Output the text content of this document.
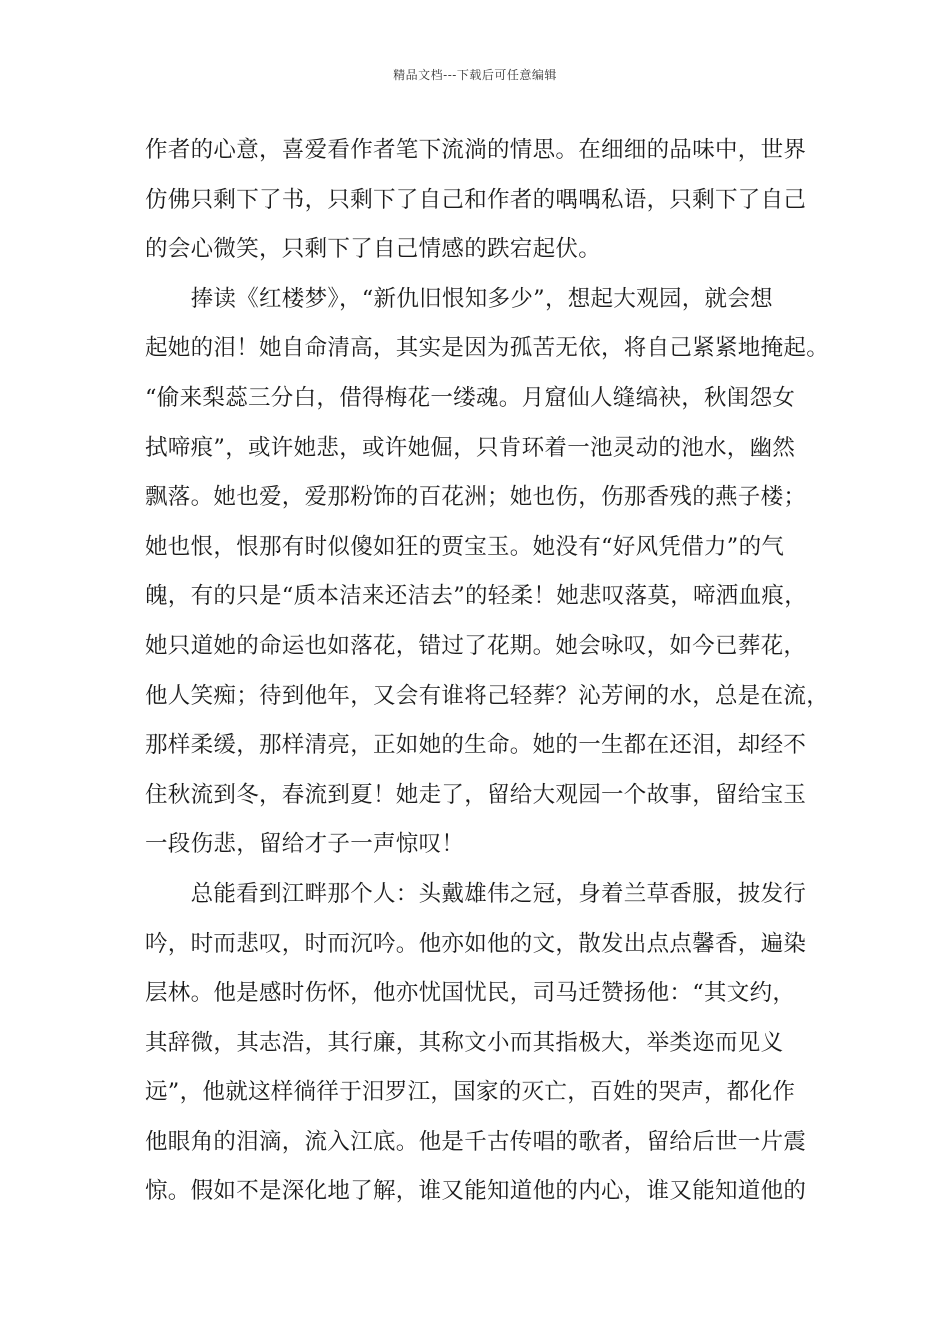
精品文档---下载后可任意编辑
作者的心意，喜爱看作者笔下流淌的情思。在细细的品味中，世界
仿佛只剩下了书，只剩下了自己和作者的喁喁私语，只剩下了自己
的会心微笑，只剩下了自己情感的跌宕起伏。
　　捧读《红楼梦》，“新仇旧恨知多少”，想起大观园，就会想
起她的泪！她自命清高，其实是因为孤苦无依，将自己紧紧地掩起。
“偷来梨蕊三分白，借得梅花一缕魂。月窟仙人缝缟袂，秋闺怨女
拭啼痕”，或许她悲，或许她倔，只肯环着一池灵动的池水，幽然
飘落。她也爱，爱那粉饰的百花洲；她也伤，伤那香残的燕子楼；
她也恨，恨那有时似傻如狂的贾宝玉。她没有“好风凭借力”的气
魄，有的只是“质本洁来还洁去”的轻柔！她悲叹落莫，啼洒血痕，
她只道她的命运也如落花，错过了花期。她会咏叹，如今已葬花，
他人笑痴；待到他年，又会有谁将己轻葬？沁芳闸的水，总是在流，
那样柔缓，那样清亮，正如她的生命。她的一生都在还泪，却经不
住秋流到冬，春流到夏！她走了，留给大观园一个故事，留给宝玉
一段伤悲，留给才子一声惊叹！
　　总能看到江畔那个人：头戴雄伟之冠，身着兰草香服，披发行
吟，时而悲叹，时而沉吟。他亦如他的文，散发出点点馨香，遍染
层林。他是感时伤怀，他亦忧国忧民，司马迁赞扬他：“其文约，
其辞微，其志浩，其行廉，其称文小而其指极大，举类迩而见义
远”，他就这样徜徉于汨罗江，国家的灭亡，百姓的哭声，都化作
他眼角的泪滴，流入江底。他是千古传唱的歌者，留给后世一片震
惊。假如不是深化地了解，谁又能知道他的内心，谁又能知道他的
